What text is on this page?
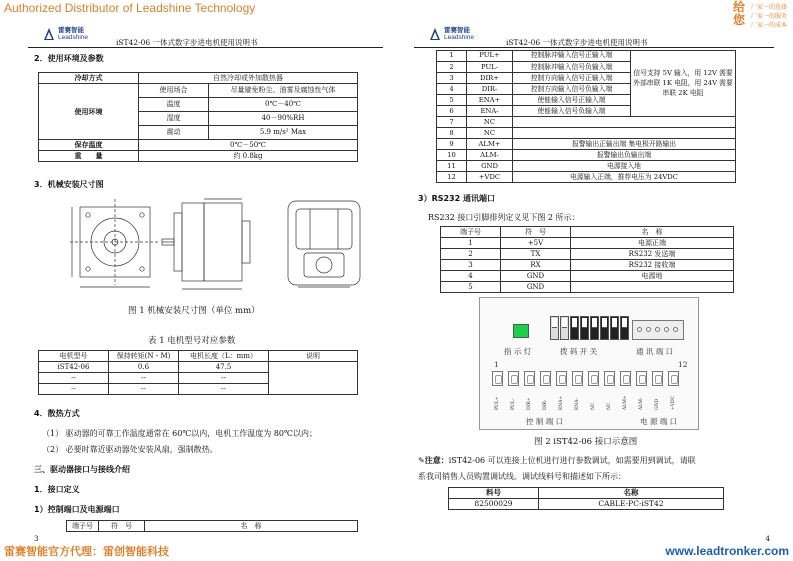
Authorized Distributor of Leadshine Technology	给您
厂家一的选择
厂家一的服务
厂家一的成本
雷赛智能官方代理：雷创智能科技	www.leadtronker.com
雷赛智能
Leadshine
iST42-06 一体式数字步进电机使用说明书
2．使用环境及参数
冷却方式	自然冷却或外加散热器	
使用环境	使用场合	尽量避免粉尘、油雾及腐蚀性气体
	温度	0℃－40℃
	湿度	40－90%RH
	震动	5.9 m/s² Max
保存温度	0℃－50℃	
重　　量	约 0.8kg	
3．机械安装尺寸图
图 1 机械安装尺寸图（单位 mm）
表 1 电机型号对应参数
电机型号	保持转矩(N・M)	电机长度（L：mm）	说明
iST42-06	0.6	47.5	
--	--	--	
--	--	--	
4．散热方式
（1） 驱动器的可靠工作温度通常在 60℃以内，电机工作温度为 80℃以内；
（2） 必要时靠近驱动器处安装风扇，强制散热。
三、驱动器接口与接线介绍
1．接口定义
1）控制端口及电源端口
端子号	符　号	名　称
3
雷赛智能
Leadshine
iST42-06 一体式数字步进电机使用说明书
1	PUL+	控制脉冲输入信号正输入端	信号支持 5V 输入，用 12V 需要外部串联 1K 电阻，用 24V 需要串联 2K 电阻
2	PUL-	控制脉冲输入信号负输入端	
3	DIR+	控制方向输入信号正输入端	
4	DIR-	控制方向输入信号负输入端	
5	ENA+	使能输入信号正输入端	
6	ENA-	使能输入信号负输入端	
7	NC		
8	NC		
9	ALM+	报警输出正输出端 集电极开路输出	
10	ALM-	报警输出负输出端	
11	GND	电源接入地	
12	+VDC	电源输入正端，推荐电压为 24VDC	
3）RS232 通讯端口
RS232 接口引脚排列定义见下图 2 所示：
端子号	符　号	名　称
1	+5V	电源正端
2	TX	RS232 发送端
3	RX	RS232 接收端
4	GND	电源地
5	GND	
指 示 灯	拨 码 开 关	通 讯 端 口
1	12
PUL+ PUL- DIR+ DIR- ENA+ ENA- NC NC ALM+ ALM- GND +VDC
控 制 端 口	电 源 端 口
图 2 iST42-06 接口示意图
✎注意：iST42-06 可以连接上位机进行进行参数调试，如需要用到调试，请联
系我司销售人员购置调试线。调试线料号和描述如下所示：
料号	名称
82500029	CABLE-PC-iST42
4
